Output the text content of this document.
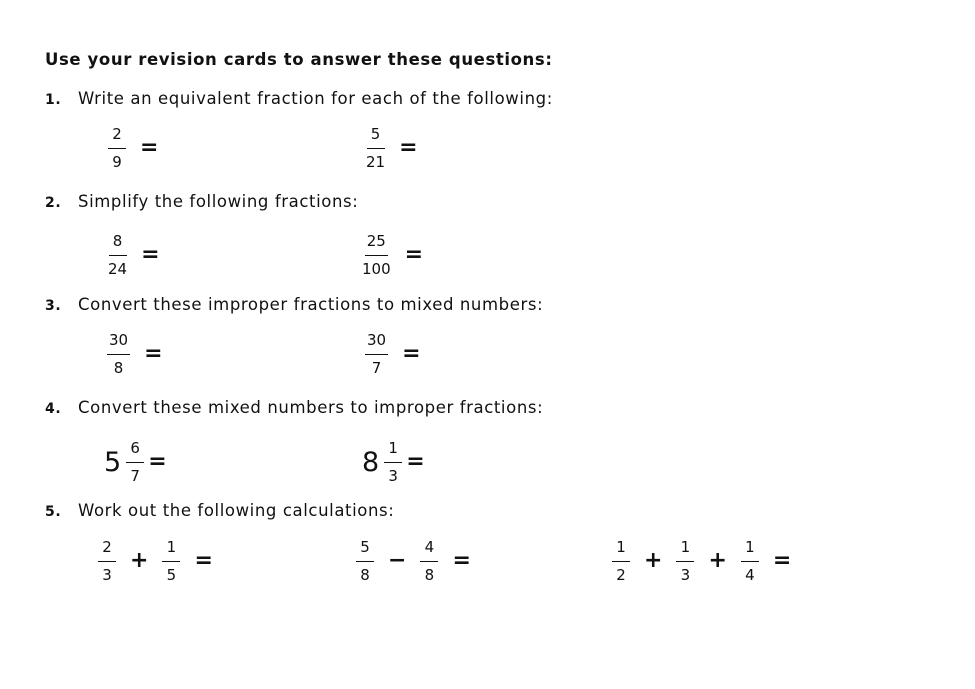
Use your revision cards to answer these questions:
1. Write an equivalent fraction for each of the following:
$\frac{2}{9}$ =	$\frac{5}{21}$ =
2. Simplify the following fractions:
$\frac{8}{24}$ =	$\frac{25}{100}$ =
3. Convert these improper fractions to mixed numbers:
$\frac{30}{8}$ =	$\frac{30}{7}$ =
4. Convert these mixed numbers to improper fractions:
$5 \frac{6}{7}$ =	$8 \frac{1}{3}$ =
5. Work out the following calculations:
$\frac{2}{3} + \frac{1}{5}$ =	$\frac{5}{8} - \frac{4}{8}$ =	$\frac{1}{2} + \frac{1}{3} + \frac{1}{4}$ =
